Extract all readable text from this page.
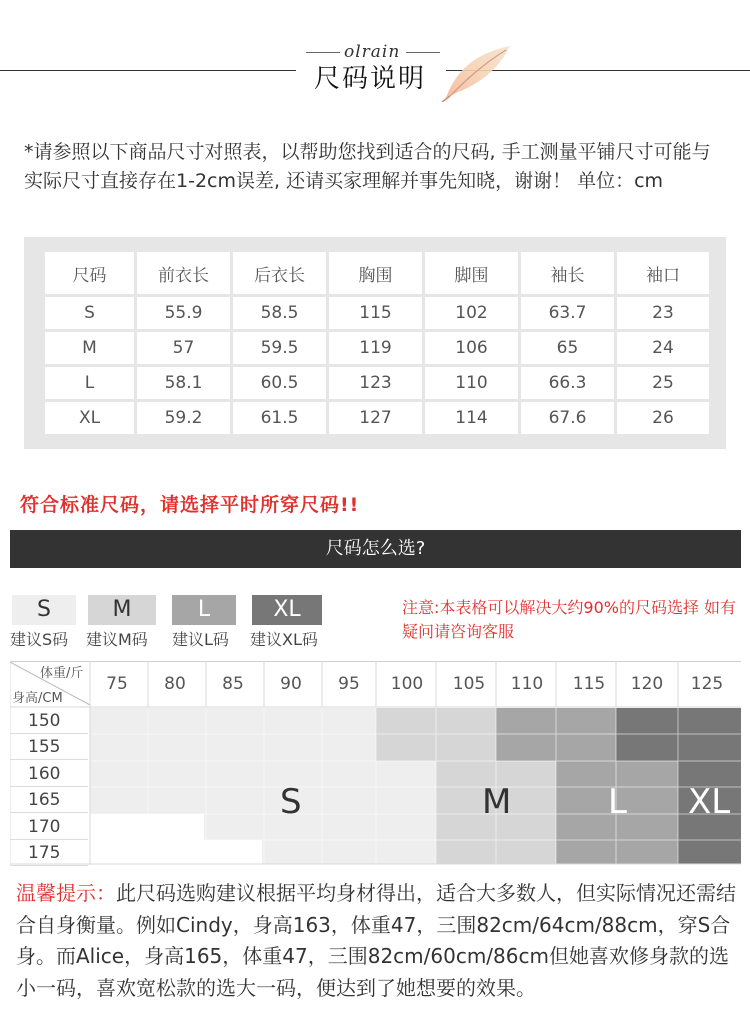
olrain
尺码说明
*请参照以下商品尺寸对照表，以帮助您找到适合的尺码, 手工测量平铺尺寸可能与实际尺寸直接存在1-2cm误差, 还请买家理解并事先知晓，谢谢！ 单位：cm
尺码	前衣长	后衣长	胸围	脚围	袖长	袖口
S	55.9	58.5	115	102	63.7	23
M	57	59.5	119	106	65	24
L	58.1	60.5	123	110	66.3	25
XL	59.2	61.5	127	114	67.6	26
符合标准尺码，请选择平时所穿尺码!!
尺码怎么选?
S
建议S码
M
建议M码
L
建议L码
XL
建议XL码
注意:本表格可以解决大约90%的尺码选择 如有疑问请咨询客服
75	80	85	90	95	100	105	110	115	120	125
体重/斤
身高/CM
150
155
160
165
170
175
S	M	L XL
温馨提示：此尺码选购建议根据平均身材得出，适合大多数人，但实际情况还需结合自身衡量。例如Cindy，身高163，体重47，三围82cm/64cm/88cm，穿S合身。而Alice，身高165，体重47，三围82cm/60cm/86cm但她喜欢修身款的选小一码，喜欢宽松款的选大一码，便达到了她想要的效果。
